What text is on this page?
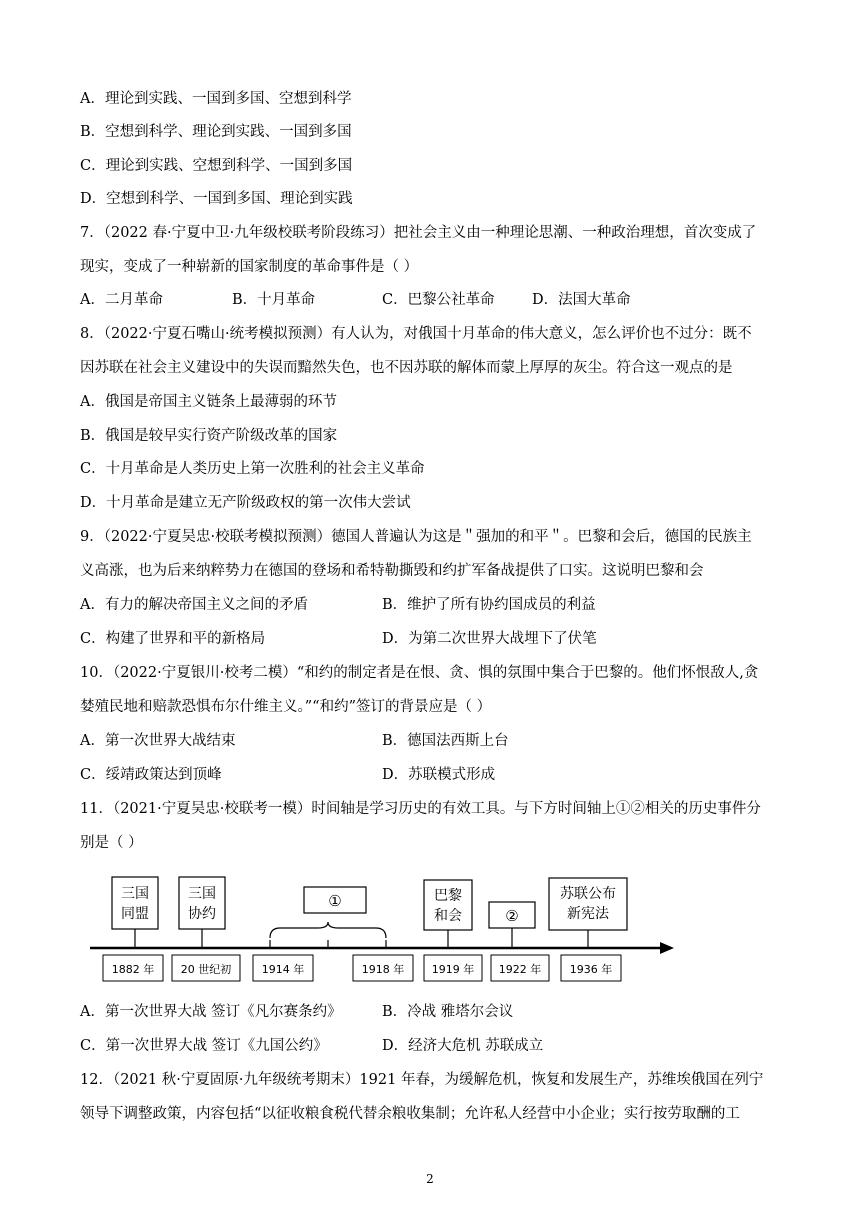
A．理论到实践、一国到多国、空想到科学
B．空想到科学、理论到实践、一国到多国
C．理论到实践、空想到科学、一国到多国
D．空想到科学、一国到多国、理论到实践
7．（2022 春·宁夏中卫·九年级校联考阶段练习）把社会主义由一种理论思潮、一种政治理想，首次变成了
现实，变成了一种崭新的国家制度的革命事件是（ ）
A．二月革命	B．十月革命	C．巴黎公社革命	D．法国大革命
8．（2022·宁夏石嘴山·统考模拟预测）有人认为，对俄国十月革命的伟大意义，怎么评价也不过分：既不
因苏联在社会主义建设中的失误而黯然失色，也不因苏联的解体而蒙上厚厚的灰尘。符合这一观点的是
A．俄国是帝国主义链条上最薄弱的环节
B．俄国是较早实行资产阶级改革的国家
C．十月革命是人类历史上第一次胜利的社会主义革命
D．十月革命是建立无产阶级政权的第一次伟大尝试
9．（2022·宁夏吴忠·校联考模拟预测）德国人普遍认为这是＂强加的和平＂。巴黎和会后，德国的民族主
义高涨，也为后来纳粹势力在德国的登场和希特勒撕毁和约扩军备战提供了口实。这说明巴黎和会
A．有力的解决帝国主义之间的矛盾	B．维护了所有协约国成员的利益
C．构建了世界和平的新格局	D．为第二次世界大战埋下了伏笔
10．（2022·宁夏银川·校考二模）“和约的制定者是在恨、贪、惧的氛围中集合于巴黎的。他们怀恨敌人,贪
婪殖民地和赔款恐惧布尔什维主义。”“和约”签订的背景应是（ ）
A．第一次世界大战结束	B．德国法西斯上台
C．绥靖政策达到顶峰	D．苏联模式形成
11．（2021·宁夏吴忠·校联考一模）时间轴是学习历史的有效工具。与下方时间轴上①②相关的历史事件分
别是（ ）
三国
同盟
三国
协约
①	巴黎
和会	②
苏联公布
新宪法
1882 年 20 世纪初	1914 年	1918 年	1919 年 1922 年	1936 年
A．第一次世界大战 签订《凡尔赛条约》	B．冷战 雅塔尔会议
C．第一次世界大战 签订《九国公约》	D．经济大危机 苏联成立
12．（2021 秋·宁夏固原·九年级统考期末）1921 年春，为缓解危机，恢复和发展生产，苏维埃俄国在列宁
领导下调整政策，内容包括“以征收粮食税代替余粮收集制；允许私人经营中小企业；实行按劳取酬的工
2
